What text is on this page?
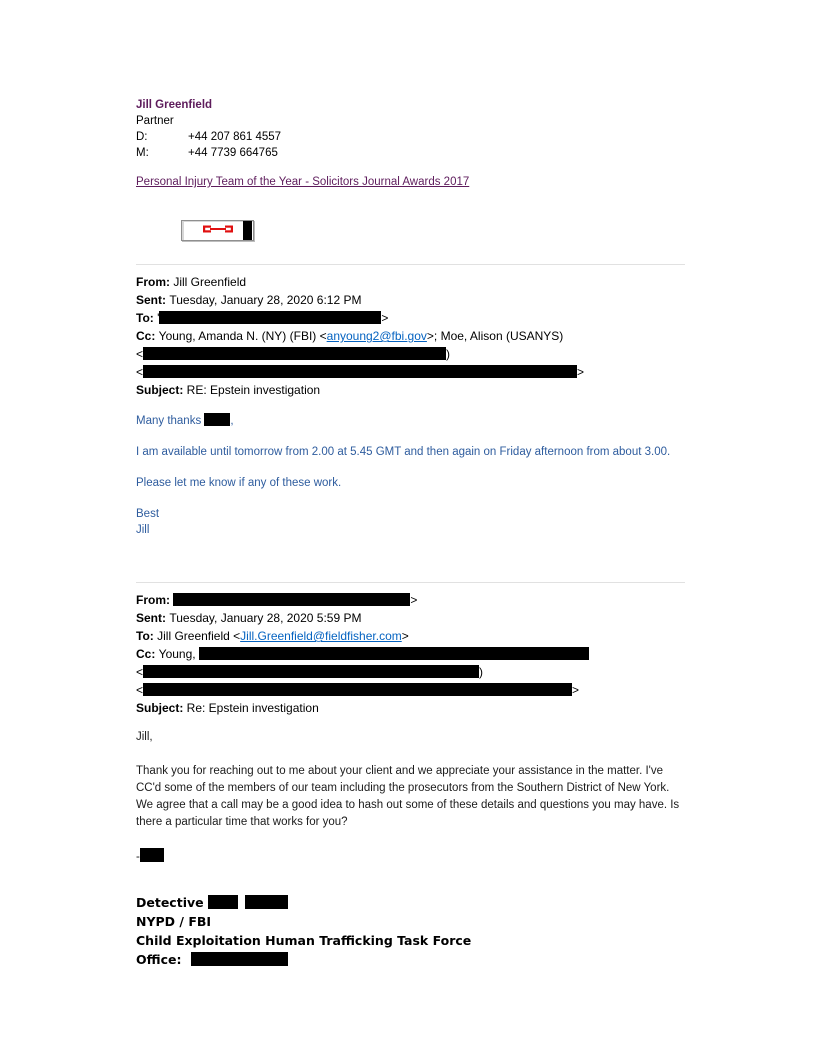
Jill Greenfield
Partner
D:	+44 207 861 4557
M:	+44 7739 664765
Personal Injury Team of the Year - Solicitors Journal Awards 2017
From: Jill Greenfield
Sent: Tuesday, January 28, 2020 6:12 PM
To: '	>
Cc: Young, Amanda N. (NY) (FBI) <anyoung2@fbi.gov>; Moe, Alison (USANYS)
<	)
<	>
Subject: RE: Epstein investigation

Many thanks ,

I am available until tomorrow from 2.00 at 5.45 GMT and then again on Friday afternoon from about 3.00.

Please let me know if any of these work.

Best

Jill

From:	>
Sent: Tuesday, January 28, 2020 5:59 PM
To: Jill Greenfield <Jill.Greenfield@fieldfisher.com>
Cc: Young,
<	)
<	>
Subject: Re: Epstein investigation

Jill,

Thank you for reaching out to me about your client and we appreciate your assistance in the matter. I've CC'd some of the members of our team including the prosecutors from the Southern District of New York. We agree that a call may be a good idea to hash out some of these details and questions you may have. Is there a particular time that works for you?

-

Detective
NYPD / FBI
Child Exploitation Human Trafficking Task Force
Office:
